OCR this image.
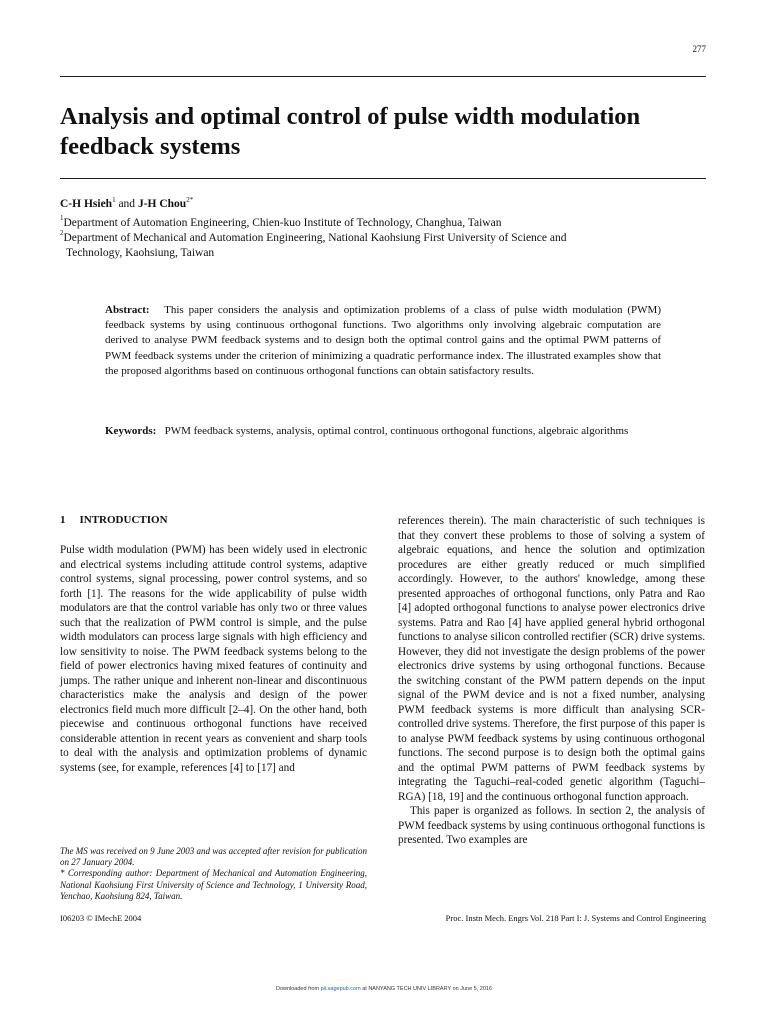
277
Analysis and optimal control of pulse width modulation feedback systems
C-H Hsieh$^1$ and J-H Chou$^{2*}$
$^1$Department of Automation Engineering, Chien-kuo Institute of Technology, Changhua, Taiwan
$^2$Department of Mechanical and Automation Engineering, National Kaohsiung First University of Science and
Technology, Kaohsiung, Taiwan
Abstract: This paper considers the analysis and optimization problems of a class of pulse width modulation (PWM) feedback systems by using continuous orthogonal functions. Two algorithms only involving algebraic computation are derived to analyse PWM feedback systems and to design both the optimal control gains and the optimal PWM patterns of PWM feedback systems under the criterion of minimizing a quadratic performance index. The illustrated examples show that the proposed algorithms based on continuous orthogonal functions can obtain satisfactory results.
Keywords: PWM feedback systems, analysis, optimal control, continuous orthogonal functions, algebraic algorithms
1 INTRODUCTION

Pulse width modulation (PWM) has been widely used in electronic and electrical systems including attitude control systems, adaptive control systems, signal processing, power control systems, and so forth [1]. The reasons for the wide applicability of pulse width modulators are that the control variable has only two or three values such that the realization of PWM control is simple, and the pulse width modulators can process large signals with high efficiency and low sensitivity to noise. The PWM feedback systems belong to the field of power electronics having mixed features of continuity and jumps. The rather unique and inherent non-linear and discontinuous characteristics make the analysis and design of the power electronics field much more difficult [2–4]. On the other hand, both piecewise and continuous orthogonal functions have received considerable attention in recent years as convenient and sharp tools to deal with the analysis and optimization problems of dynamic systems (see, for example, references [4] to [17] and

references therein). The main characteristic of such techniques is that they convert these problems to those of solving a system of algebraic equations, and hence the solution and optimization procedures are either greatly reduced or much simplified accordingly. However, to the authors' knowledge, among these presented approaches of orthogonal functions, only Patra and Rao [4] adopted orthogonal functions to analyse power electronics drive systems. Patra and Rao [4] have applied general hybrid orthogonal functions to analyse silicon controlled rectifier (SCR) drive systems. However, they did not investigate the design problems of the power electronics drive systems by using orthogonal functions. Because the switching constant of the PWM pattern depends on the input signal of the PWM device and is not a fixed number, analysing PWM feedback systems is more difficult than analysing SCR-controlled drive systems. Therefore, the first purpose of this paper is to analyse PWM feedback systems by using continuous orthogonal functions. The second purpose is to design both the optimal gains and the optimal PWM patterns of PWM feedback systems by integrating the Taguchi–real-coded genetic algorithm (Taguchi–RGA) [18, 19] and the continuous orthogonal function approach.

This paper is organized as follows. In section 2, the analysis of PWM feedback systems by using continuous orthogonal functions is presented. Two examples are

The MS was received on 9 June 2003 and was accepted after revision for publication on 27 January 2004.

* Corresponding author: Department of Mechanical and Automation Engineering, National Kaohsiung First University of Science and Technology, 1 University Road, Yenchao, Kaohsiung 824, Taiwan.

I06203 © IMechE 2004	Proc. Instn Mech. Engrs Vol. 218 Part I: J. Systems and Control Engineering
Downloaded from pii.sagepub.com at NANYANG TECH UNIV LIBRARY on June 5, 2016
